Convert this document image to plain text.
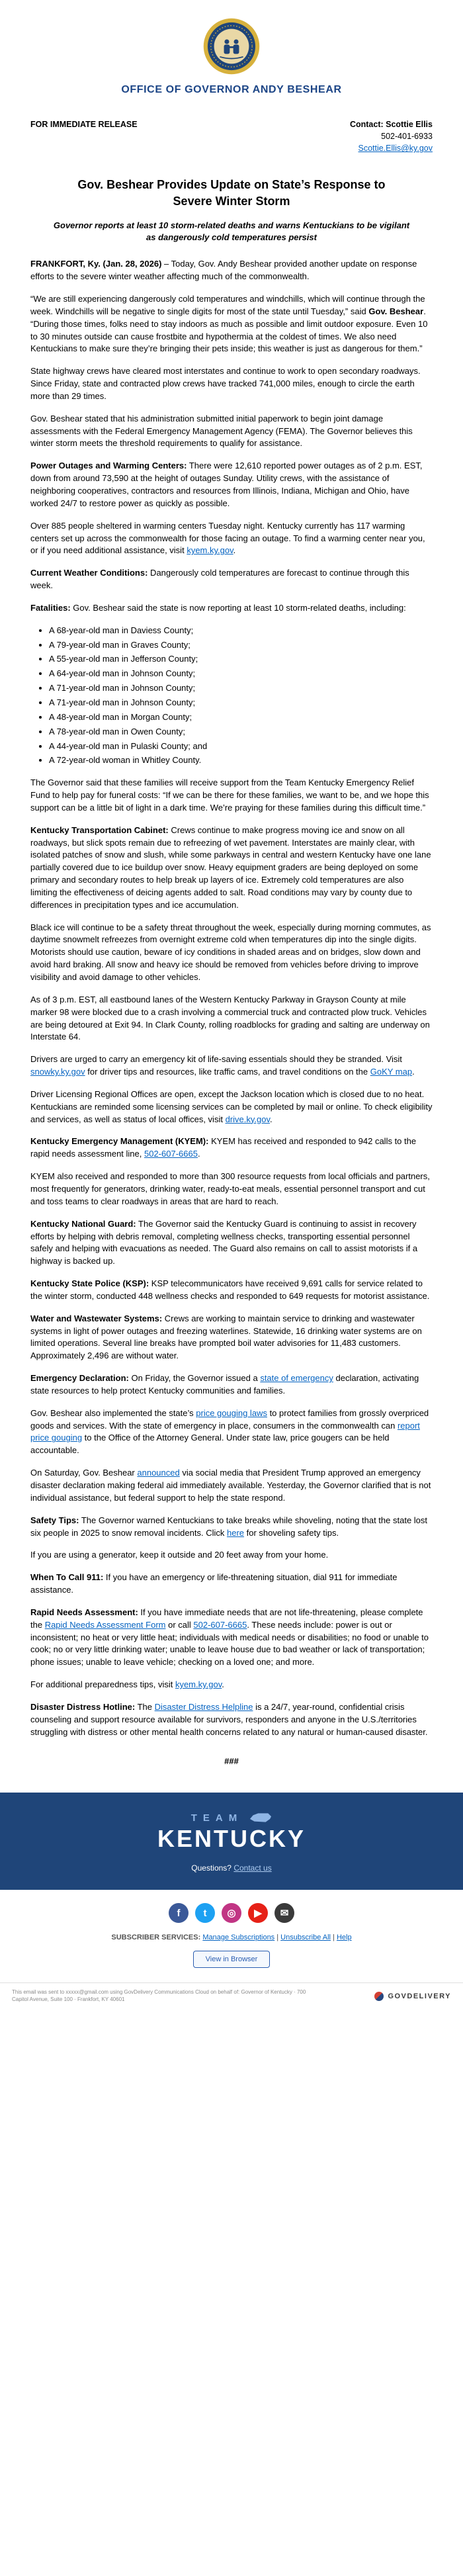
OFFICE OF GOVERNOR ANDY BESHEAR
FOR IMMEDIATE RELEASE	Contact: Scottie Ellis
502-401-6933
Scottie.Ellis@ky.gov
Gov. Beshear Provides Update on State’s Response to Severe Winter Storm
Governor reports at least 10 storm-related deaths and warns Kentuckians to be vigilant as dangerously cold temperatures persist

FRANKFORT, Ky. (Jan. 28, 2026) – Today, Gov. Andy Beshear provided another update on response efforts to the severe winter weather affecting much of the commonwealth.

“We are still experiencing dangerously cold temperatures and windchills, which will continue through the week. Windchills will be negative to single digits for most of the state until Tuesday,” said Gov. Beshear. “During those times, folks need to stay indoors as much as possible and limit outdoor exposure. Even 10 to 30 minutes outside can cause frostbite and hypothermia at the coldest of times. We also need Kentuckians to make sure they’re bringing their pets inside; this weather is just as dangerous for them.”

State highway crews have cleared most interstates and continue to work to open secondary roadways. Since Friday, state and contracted plow crews have tracked 741,000 miles, enough to circle the earth more than 29 times.

Gov. Beshear stated that his administration submitted initial paperwork to begin joint damage assessments with the Federal Emergency Management Agency (FEMA). The Governor believes this winter storm meets the threshold requirements to qualify for assistance.

Power Outages and Warming Centers: There were 12,610 reported power outages as of 2 p.m. EST, down from around 73,590 at the height of outages Sunday. Utility crews, with the assistance of neighboring cooperatives, contractors and resources from Illinois, Indiana, Michigan and Ohio, have worked 24/7 to restore power as quickly as possible.

Over 885 people sheltered in warming centers Tuesday night. Kentucky currently has 117 warming centers set up across the commonwealth for those facing an outage. To find a warming center near you, or if you need additional assistance, visit kyem.ky.gov.

Current Weather Conditions: Dangerously cold temperatures are forecast to continue through this week.

Fatalities: Gov. Beshear said the state is now reporting at least 10 storm-related deaths, including:

• A 68-year-old man in Daviess County;
• A 79-year-old man in Graves County;
• A 55-year-old man in Jefferson County;
• A 64-year-old man in Johnson County;
• A 71-year-old man in Johnson County;
• A 71-year-old man in Johnson County;
• A 48-year-old man in Morgan County;
• A 78-year-old man in Owen County;
• A 44-year-old man in Pulaski County; and
• A 72-year-old woman in Whitley County.

The Governor said that these families will receive support from the Team Kentucky Emergency Relief Fund to help pay for funeral costs: “If we can be there for these families, we want to be, and we hope this support can be a little bit of light in a dark time. We’re praying for these families during this difficult time.”

Kentucky Transportation Cabinet: Crews continue to make progress moving ice and snow on all roadways, but slick spots remain due to refreezing of wet pavement. Interstates are mainly clear, with isolated patches of snow and slush, while some parkways in central and western Kentucky have one lane partially covered due to ice buildup over snow. Heavy equipment graders are being deployed on some primary and secondary routes to help break up layers of ice. Extremely cold temperatures are also limiting the effectiveness of deicing agents added to salt. Road conditions may vary by county due to differences in precipitation types and ice accumulation.

Black ice will continue to be a safety threat throughout the week, especially during morning commutes, as daytime snowmelt refreezes from overnight extreme cold when temperatures dip into the single digits. Motorists should use caution, beware of icy conditions in shaded areas and on bridges, slow down and avoid hard braking. All snow and heavy ice should be removed from vehicles before driving to improve visibility and avoid damage to other vehicles.

As of 3 p.m. EST, all eastbound lanes of the Western Kentucky Parkway in Grayson County at mile marker 98 were blocked due to a crash involving a commercial truck and contracted plow truck. Vehicles are being detoured at Exit 94. In Clark County, rolling roadblocks for grading and salting are underway on Interstate 64.

Drivers are urged to carry an emergency kit of life-saving essentials should they be stranded. Visit snowky.ky.gov for driver tips and resources, like traffic cams, and travel conditions on the GoKY map.

Driver Licensing Regional Offices are open, except the Jackson location which is closed due to no heat. Kentuckians are reminded some licensing services can be completed by mail or online. To check eligibility and services, as well as status of local offices, visit drive.ky.gov.

Kentucky Emergency Management (KYEM): KYEM has received and responded to 942 calls to the rapid needs assessment line, 502-607-6665.

KYEM also received and responded to more than 300 resource requests from local officials and partners, most frequently for generators, drinking water, ready-to-eat meals, essential personnel transport and cut and toss teams to clear roadways in areas that are hard to reach.

Kentucky National Guard: The Governor said the Kentucky Guard is continuing to assist in recovery efforts by helping with debris removal, completing wellness checks, transporting essential personnel safely and helping with evacuations as needed. The Guard also remains on call to assist motorists if a highway is backed up.

Kentucky State Police (KSP): KSP telecommunicators have received 9,691 calls for service related to the winter storm, conducted 448 wellness checks and responded to 649 requests for motorist assistance.

Water and Wastewater Systems: Crews are working to maintain service to drinking and wastewater systems in light of power outages and freezing waterlines. Statewide, 16 drinking water systems are on limited operations. Several line breaks have prompted boil water advisories for 11,483 customers. Approximately 2,496 are without water.

Emergency Declaration: On Friday, the Governor issued a state of emergency declaration, activating state resources to help protect Kentucky communities and families.

Gov. Beshear also implemented the state’s price gouging laws to protect families from grossly overpriced goods and services. With the state of emergency in place, consumers in the commonwealth can report price gouging to the Office of the Attorney General. Under state law, price gougers can be held accountable.

On Saturday, Gov. Beshear announced via social media that President Trump approved an emergency disaster declaration making federal aid immediately available. Yesterday, the Governor clarified that is not individual assistance, but federal support to help the state respond.

Safety Tips: The Governor warned Kentuckians to take breaks while shoveling, noting that the state lost six people in 2025 to snow removal incidents. Click here for shoveling safety tips.

If you are using a generator, keep it outside and 20 feet away from your home.

When To Call 911: If you have an emergency or life-threatening situation, dial 911 for immediate assistance.

Rapid Needs Assessment: If you have immediate needs that are not life-threatening, please complete the Rapid Needs Assessment Form or call 502-607-6665. These needs include: power is out or inconsistent; no heat or very little heat; individuals with medical needs or disabilities; no food or unable to cook; no or very little drinking water; unable to leave house due to bad weather or lack of transportation; phone issues; unable to leave vehicle; checking on a loved one; and more.

For additional preparedness tips, visit kyem.ky.gov.

Disaster Distress Hotline: The Disaster Distress Helpline is a 24/7, year-round, confidential crisis counseling and support resource available for survivors, responders and anyone in the U.S./territories struggling with distress or other mental health concerns related to any natural or human-caused disaster.

###
TEAM
KENTUCKY
Questions? Contact us
f t ◎ ▶ ✉
SUBSCRIBER SERVICES: Manage Subscriptions | Unsubscribe All | Help
View in Browser
This email was sent to xxxxx@gmail.com using GovDelivery Communications Cloud on behalf of: Governor of Kentucky · 700 Capitol Avenue, Suite 100 · Frankfort, KY 40601	GOVDELIVERY
